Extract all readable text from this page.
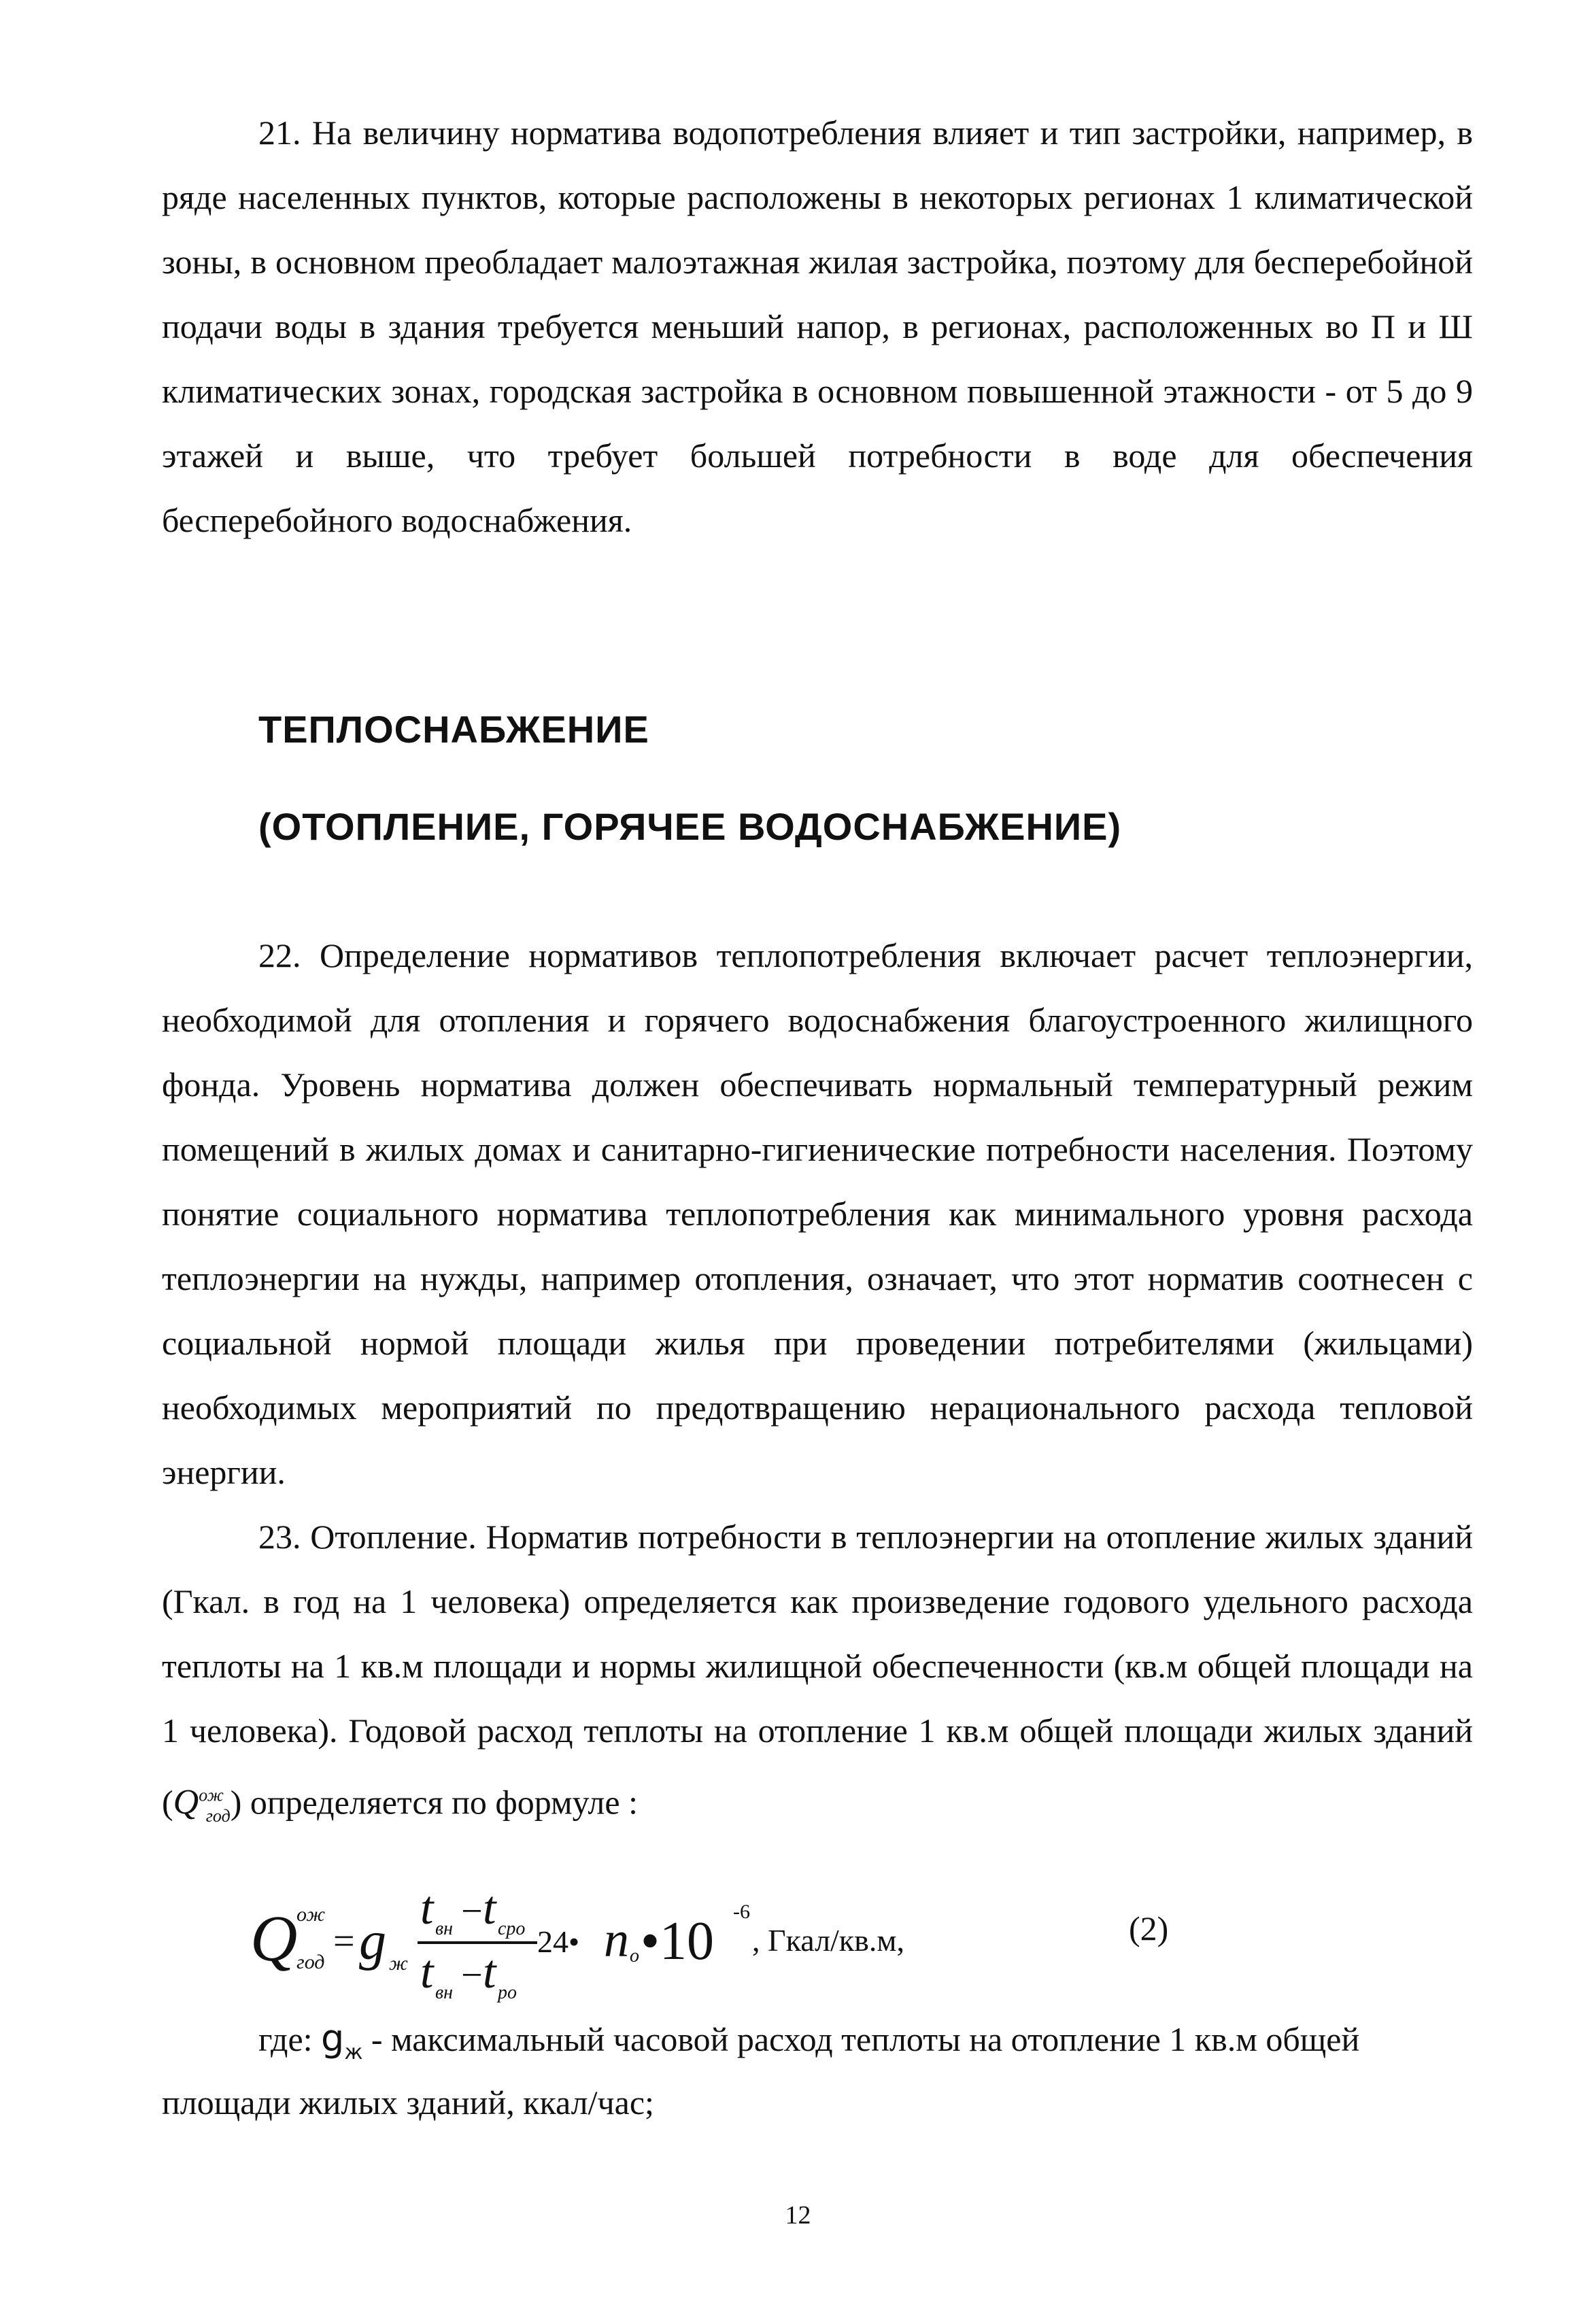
21. На величину норматива водопотребления влияет и тип застройки, например, в ряде населенных пунктов, которые расположены в некоторых регионах 1 климатической зоны, в основном преобладает малоэтажная жилая застройка, поэтому для бесперебойной подачи воды в здания требуется меньший напор, в регионах, расположенных во П и Ш климатических зонах, городская застройка в основном повышенной этажности - от 5 до 9 этажей и выше, что требует большей потребности в воде для обеспечения бесперебойного водоснабжения.

ТЕПЛОСНАБЖЕНИЕ

(ОТОПЛЕНИЕ, ГОРЯЧЕЕ ВОДОСНАБЖЕНИЕ)

22. Определение нормативов теплопотребления включает расчет теплоэнергии, необходимой для отопления и горячего водоснабжения благоустроенного жилищного фонда. Уровень норматива должен обеспечивать нормальный температурный режим помещений в жилых домах и санитарно-гигиенические потребности населения. Поэтому понятие социального норматива теплопотребления как минимального уровня расхода теплоэнергии на нужды, например отопления, означает, что этот норматив соотнесен с социальной нормой площади жилья при проведении потребителями (жильцами) необходимых мероприятий по предотвращению нерационального расхода тепловой энергии.

23. Отопление. Норматив потребности в теплоэнергии на отопление жилых зданий (Гкал. в год на 1 человека) определяется как произведение годового удельного расхода теплоты на 1 кв.м площади и нормы жилищной обеспеченности (кв.м общей площади на 1 человека). Годовой расход теплоты на отопление 1 кв.м общей площади жилых зданий $(Q^{ож}_{год})$ определяется по формуле :

Q
ож
год = g ж
t вн − t сро
t вн − t ро
24• n о •10 -6
, Гкал/кв.м,	(2)

где: $g_ж$ - максимальный часовой расход теплоты на отопление 1 кв.м общей

площади жилых зданий, ккал/час;

12
